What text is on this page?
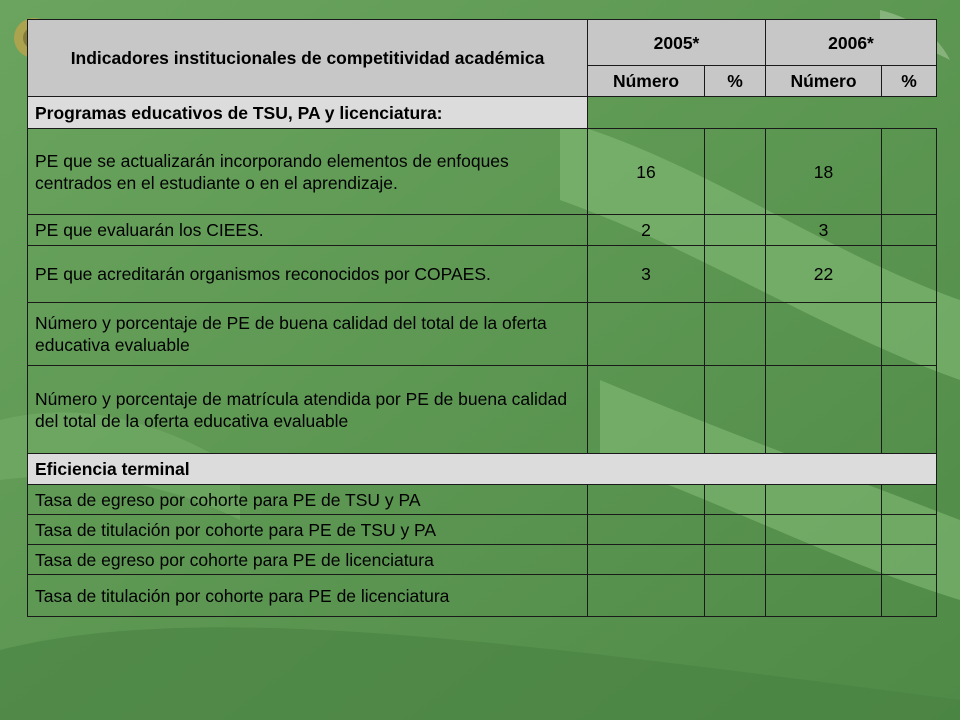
Indicadores institucionales de competitividad académica	2005*		2006*	
	Número	%	Número	%
Programas educativos de TSU, PA y licenciatura:				
PE que se actualizarán incorporando elementos de enfoques centrados en el estudiante o en el aprendizaje.	16		18	
PE que evaluarán los CIEES.	2		3	
PE que acreditarán organismos reconocidos por COPAES.	3		22	
Número y porcentaje de PE de buena calidad del total de la oferta educativa evaluable				
Número y porcentaje de matrícula atendida por PE de buena calidad del total de la oferta educativa evaluable				
Eficiencia terminal				
Tasa de egreso por cohorte para PE de TSU y PA				
Tasa de titulación por cohorte para PE de TSU y PA				
Tasa de egreso por cohorte para PE de licenciatura				
Tasa de titulación por cohorte para PE de licenciatura				
